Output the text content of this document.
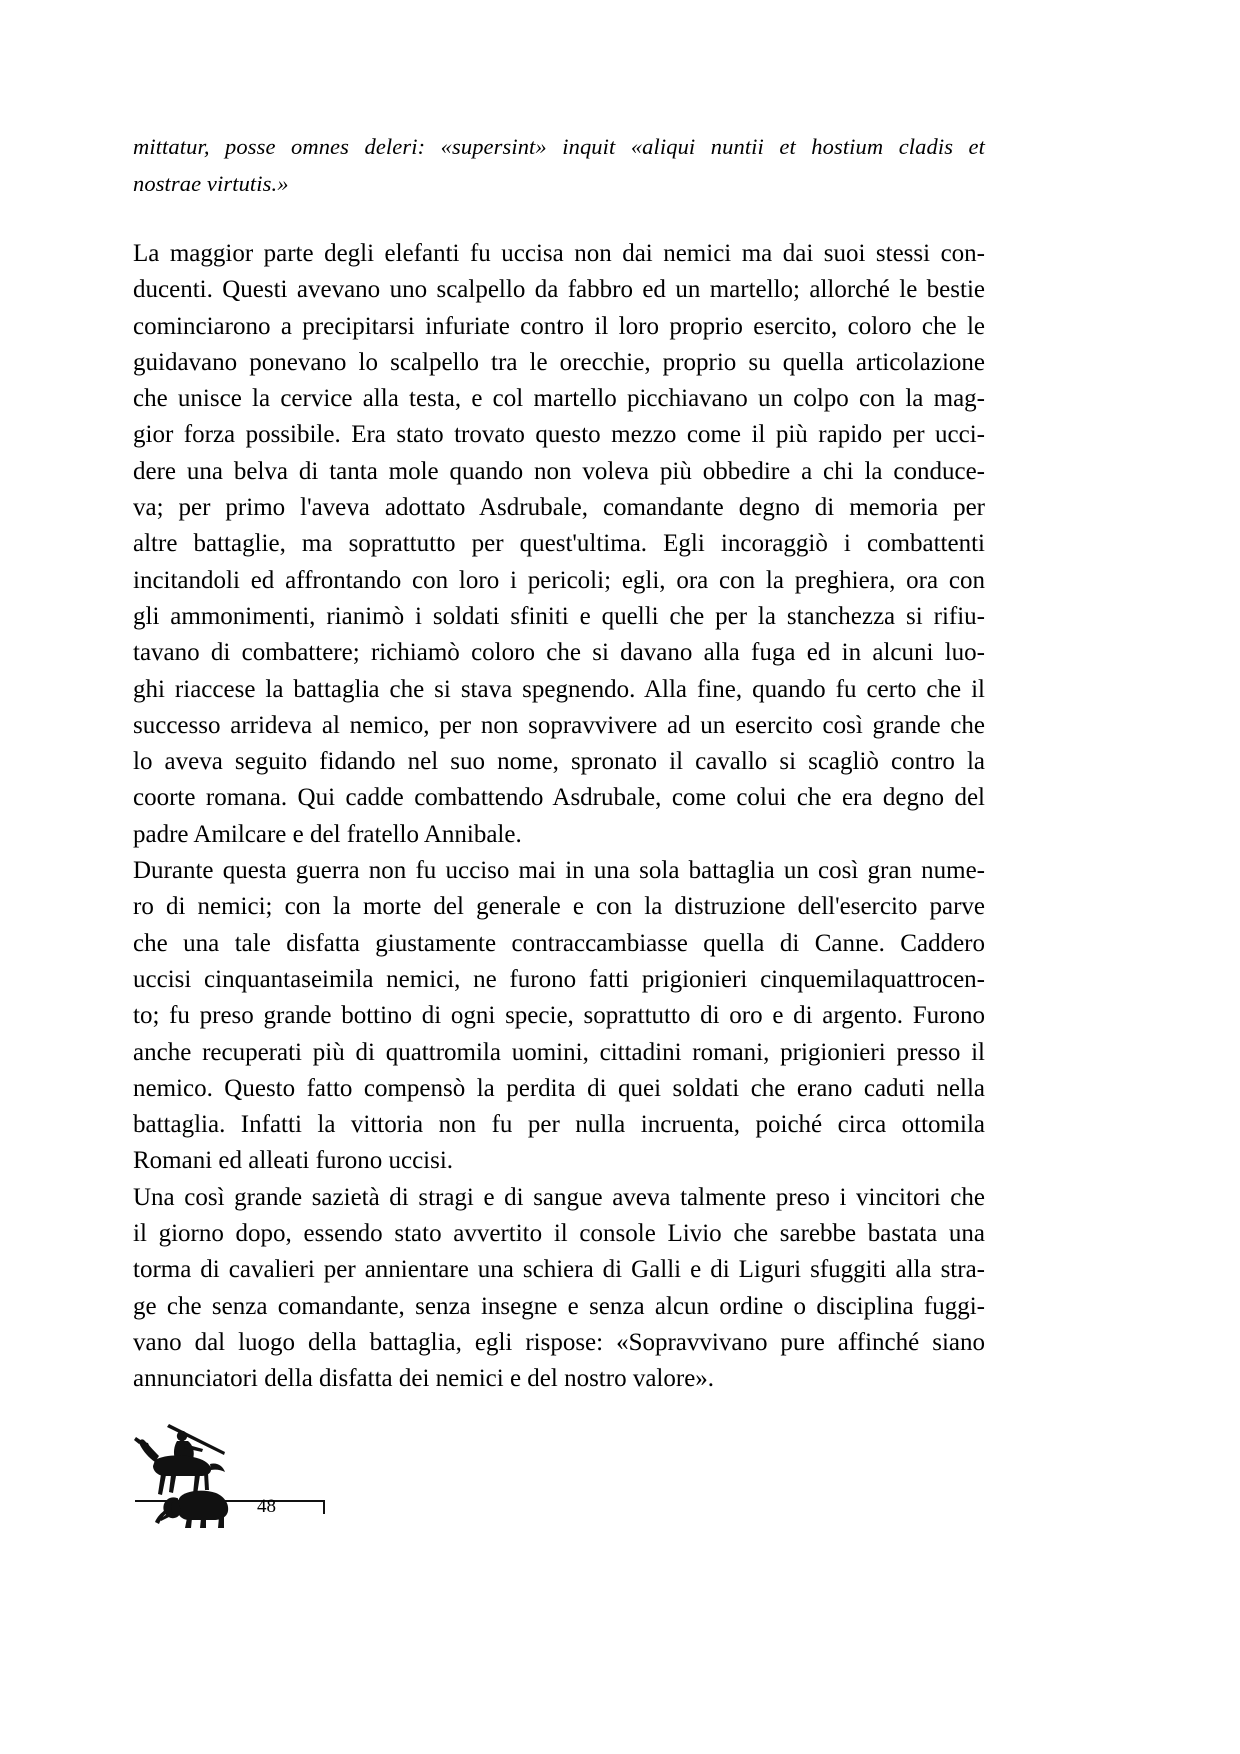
mittatur, posse omnes deleri: «supersint» inquit «aliqui nuntii et hostium cladis et
nostrae virtutis.»

La maggior parte degli elefanti fu uccisa non dai nemici ma dai suoi stessi con-
ducenti. Questi avevano uno scalpello da fabbro ed un martello; allorché le bestie
cominciarono a precipitarsi infuriate contro il loro proprio esercito, coloro che le
guidavano ponevano lo scalpello tra le orecchie, proprio su quella articolazione
che unisce la cervice alla testa, e col martello picchiavano un colpo con la mag-
gior forza possibile. Era stato trovato questo mezzo come il più rapido per ucci-
dere una belva di tanta mole quando non voleva più obbedire a chi la conduce-
va; per primo l'aveva adottato Asdrubale, comandante degno di memoria per
altre battaglie, ma soprattutto per quest'ultima. Egli incoraggiò i combattenti
incitandoli ed affrontando con loro i pericoli; egli, ora con la preghiera, ora con
gli ammonimenti, rianimò i soldati sfiniti e quelli che per la stanchezza si rifiu-
tavano di combattere; richiamò coloro che si davano alla fuga ed in alcuni luo-
ghi riaccese la battaglia che si stava spegnendo. Alla fine, quando fu certo che il
successo arrideva al nemico, per non sopravvivere ad un esercito così grande che
lo aveva seguito fidando nel suo nome, spronato il cavallo si scagliò contro la
coorte romana. Qui cadde combattendo Asdrubale, come colui che era degno del
padre Amilcare e del fratello Annibale.

Durante questa guerra non fu ucciso mai in una sola battaglia un così gran nume-
ro di nemici; con la morte del generale e con la distruzione dell'esercito parve
che una tale disfatta giustamente contraccambiasse quella di Canne. Caddero
uccisi cinquantaseimila nemici, ne furono fatti prigionieri cinquemilaquattrocen-
to; fu preso grande bottino di ogni specie, soprattutto di oro e di argento. Furono
anche recuperati più di quattromila uomini, cittadini romani, prigionieri presso il
nemico. Questo fatto compensò la perdita di quei soldati che erano caduti nella
battaglia. Infatti la vittoria non fu per nulla incruenta, poiché circa ottomila
Romani ed alleati furono uccisi.

Una così grande sazietà di stragi e di sangue aveva talmente preso i vincitori che
il giorno dopo, essendo stato avvertito il console Livio che sarebbe bastata una
torma di cavalieri per annientare una schiera di Galli e di Liguri sfuggiti alla stra-
ge che senza comandante, senza insegne e senza alcun ordine o disciplina fuggi-
vano dal luogo della battaglia, egli rispose: «Sopravvivano pure affinché siano
annunciatori della disfatta dei nemici e del nostro valore».

48
